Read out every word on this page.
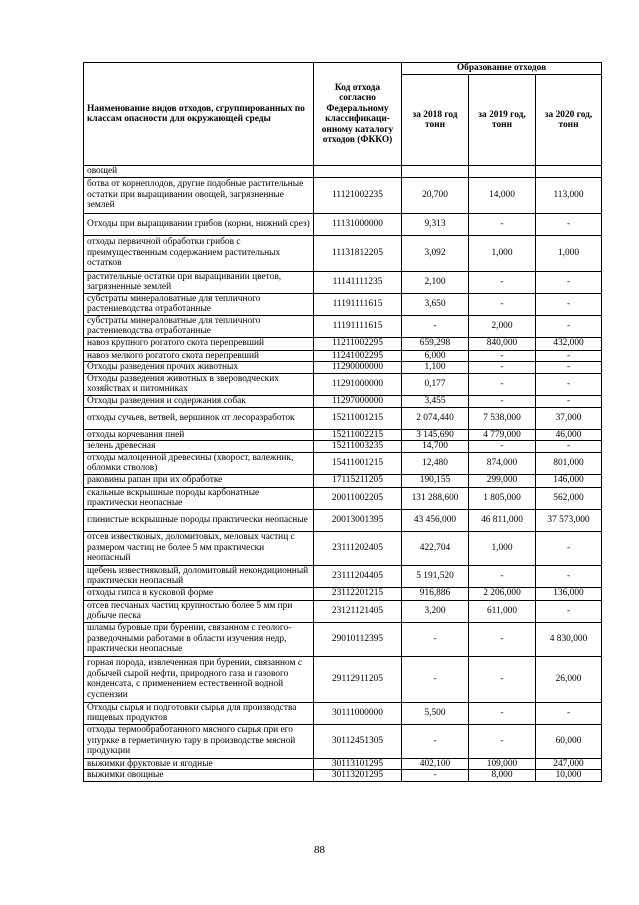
Наименование видов отходов, сгруппированных по классам опасности для окружающей среды	Код отхода согласно Федеральному классификаци-онному каталогу отходов (ФККО)	Образование отходов		
		за 2018 год тонн	за 2019 год, тонн	за 2020 год, тонн
овощей				
ботва от корнеплодов, другие подобные растительные остатки при выращивании овощей, загрязненные землей	11121002235	20,700	14,000	113,000
Отходы при выращивании грибов (корни, нижний срез)	11131000000	9,313	-	-
отходы первичной обработки грибов с преимущественным содержанием растительных остатков	11131812205	3,092	1,000	1,000
растительные остатки при выращивании цветов, загрязненные землей	11141111235	2,100	-	-
субстраты минераловатные для тепличного растениеводства отработанные	11191111615	3,650	-	-
субстраты минераловатные для тепличного растениеводства отработанные	11191111615	-	2,000	-
навоз крупного рогатого скота перепревший	11211002295	659,298	840,000	432,000
навоз мелкого рогатого скота перепревший	11241002295	6,000	-	-
Отходы разведения прочих животных	11290000000	1,100	-	-
Отходы разведения животных в звероводческих хозяйствах и питомниках	11291000000	0,177	-	-
Отходы разведения и содержания собак	11297000000	3,455	-	-
отходы сучьев, ветвей, вершинок от лесоразработок	15211001215	2 074,440	7 538,000	37,000
отходы корчевания пней	15211002215	3 145,690	4 779,000	46,000
зелень древесная	15211003235	14,700	-	-
отходы малоценной древесины (хворост, валежник, обломки стволов)	15411001215	12,480	874,000	801,000
раковины рапан при их обработке	17115211205	190,155	299,000	146,000
скальные вскрышные породы карбонатные практически неопасные	20011002205	131 288,600	1 805,000	562,000
глинистые вскрышные породы практически неопасные	20013001395	43 456,000	46 811,000	37 573,000
отсев известковых, доломитовых, меловых частиц с размером частиц не более 5 мм практически неопасный	23111202405	422,704	1,000	-
щебень известняковый, доломитовый некондиционный практически неопасный	23111204405	5 191,520	-	-
отходы гипса в кусковой форме	23112201215	916,886	2 206,000	136,000
отсев песчаных частиц крупностью более 5 мм при добыче песка	23121121405	3,200	611,000	-
шламы буровые при бурении, связанном с геолого-разведочными работами в области изучения недр, практически неопасные	29010112395	-	-	4 830,000
горная порода, извлеченная при бурении, связанном с добычей сырой нефти, природного газа и газового конденсата, с применением естественной водной суспензии	29112911205	-	-	26,000
Отходы сырья и подготовки сырья для производства пищевых продуктов	30111000000	5,500	-	-
отходы термообработанного мясного сырья при его упуркке в герметичную тару в производстве мясной продукции	30112451305	-	-	60,000
выжимки фруктовые и ягодные	30113101295	402,100	109,000	247,000
выжимки овощные	30113201295	-	8,000	10,000
88
